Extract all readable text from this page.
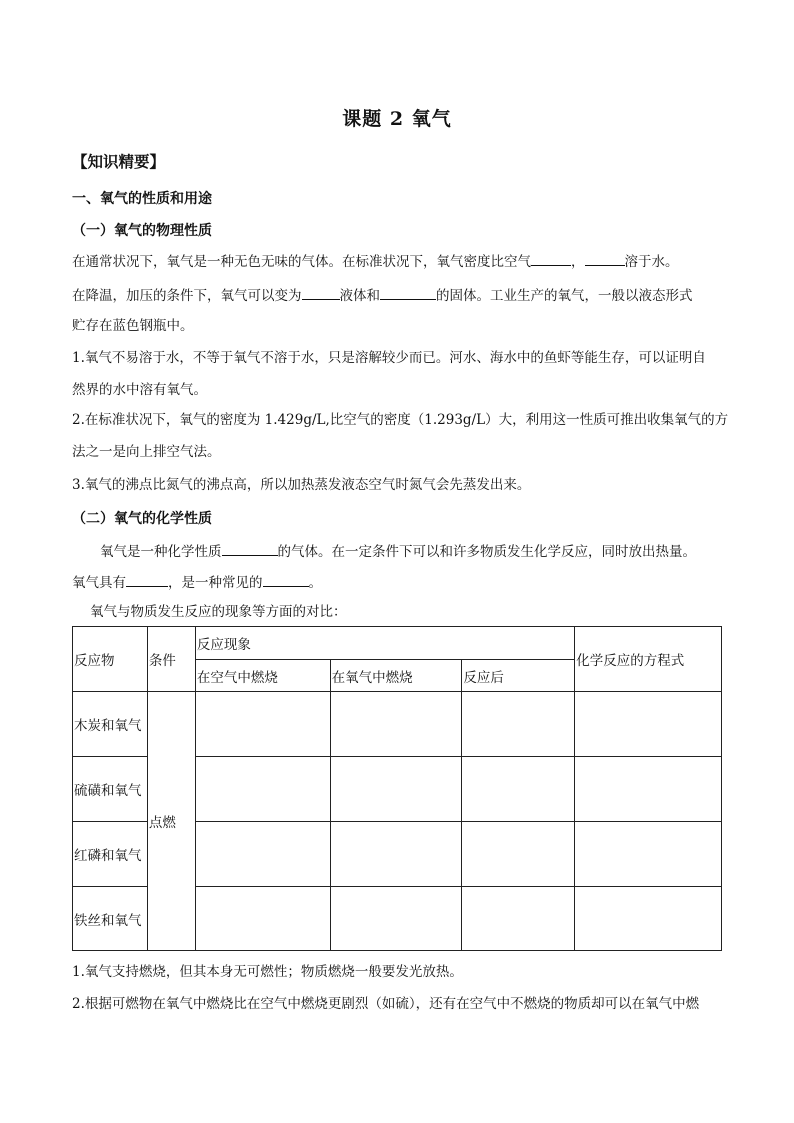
课题 2 氧气
【知识精要】
一、氧气的性质和用途
（一）氧气的物理性质
在通常状况下，氧气是一种无色无味的气体。在标准状况下，氧气密度比空气	，	溶于水。
在降温，加压的条件下，氧气可以变为	液体和	的固体。工业生产的氧气，一般以液态形式
贮存在蓝色钢瓶中。
1.氧气不易溶于水，不等于氧气不溶于水，只是溶解较少而已。河水、海水中的鱼虾等能生存，可以证明自
然界的水中溶有氧气。
2.在标准状况下，氧气的密度为 1.429g/L,比空气的密度（1.293g/L）大，利用这一性质可推出收集氧气的方
法之一是向上排空气法。
3.氧气的沸点比氮气的沸点高，所以加热蒸发液态空气时氮气会先蒸发出来。
（二）氧气的化学性质
氧气是一种化学性质	的气体。在一定条件下可以和许多物质发生化学反应，同时放出热量。
氧气具有	，是一种常见的	。
氧气与物质发生反应的现象等方面的对比：
反应物	条件	反应现象			化学反应的方程式
		在空气中燃烧	在氧气中燃烧	反应后	
木炭和氧气	点燃				
硫磺和氧气					
红磷和氧气					
铁丝和氧气					
1.氧气支持燃烧，但其本身无可燃性；物质燃烧一般要发光放热。
2.根据可燃物在氧气中燃烧比在空气中燃烧更剧烈（如硫），还有在空气中不燃烧的物质却可以在氧气中燃
